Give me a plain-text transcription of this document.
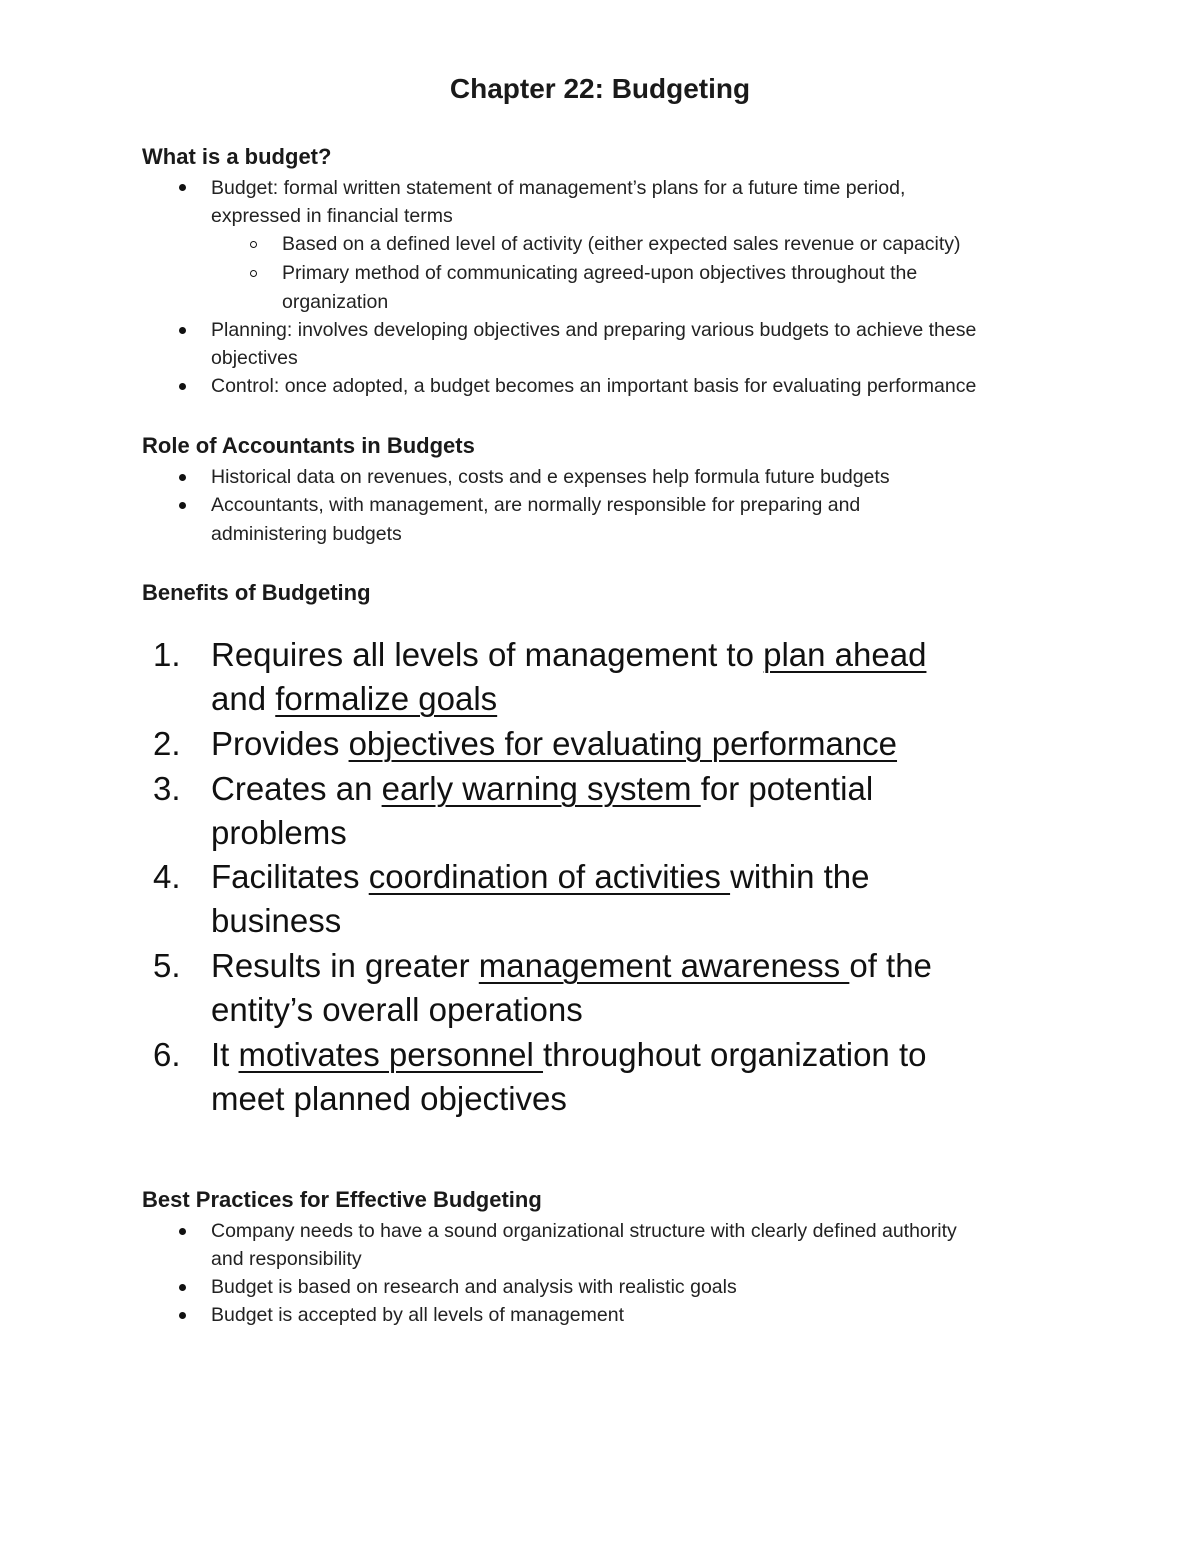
Chapter 22: Budgeting
What is a budget?
Budget: formal written statement of management’s plans for a future time period,
expressed in financial terms
Based on a defined level of activity (either expected sales revenue or capacity)
Primary method of communicating agreed-upon objectives throughout the
organization
Planning: involves developing objectives and preparing various budgets to achieve these
objectives
Control: once adopted, a budget becomes an important basis for evaluating performance
Role of Accountants in Budgets
Historical data on revenues, costs and e expenses help formula future budgets
Accountants, with management, are normally responsible for preparing and
administering budgets
Benefits of Budgeting
1. Requires all levels of management to plan ahead
and formalize goals
2. Provides objectives for evaluating performance
3. Creates an early warning system for potential
problems
4. Facilitates coordination of activities within the
business
5. Results in greater management awareness of the
entity’s overall operations
6. It motivates personnel throughout organization to
meet planned objectives
Best Practices for Effective Budgeting
Company needs to have a sound organizational structure with clearly defined authority
and responsibility
Budget is based on research and analysis with realistic goals
Budget is accepted by all levels of management
